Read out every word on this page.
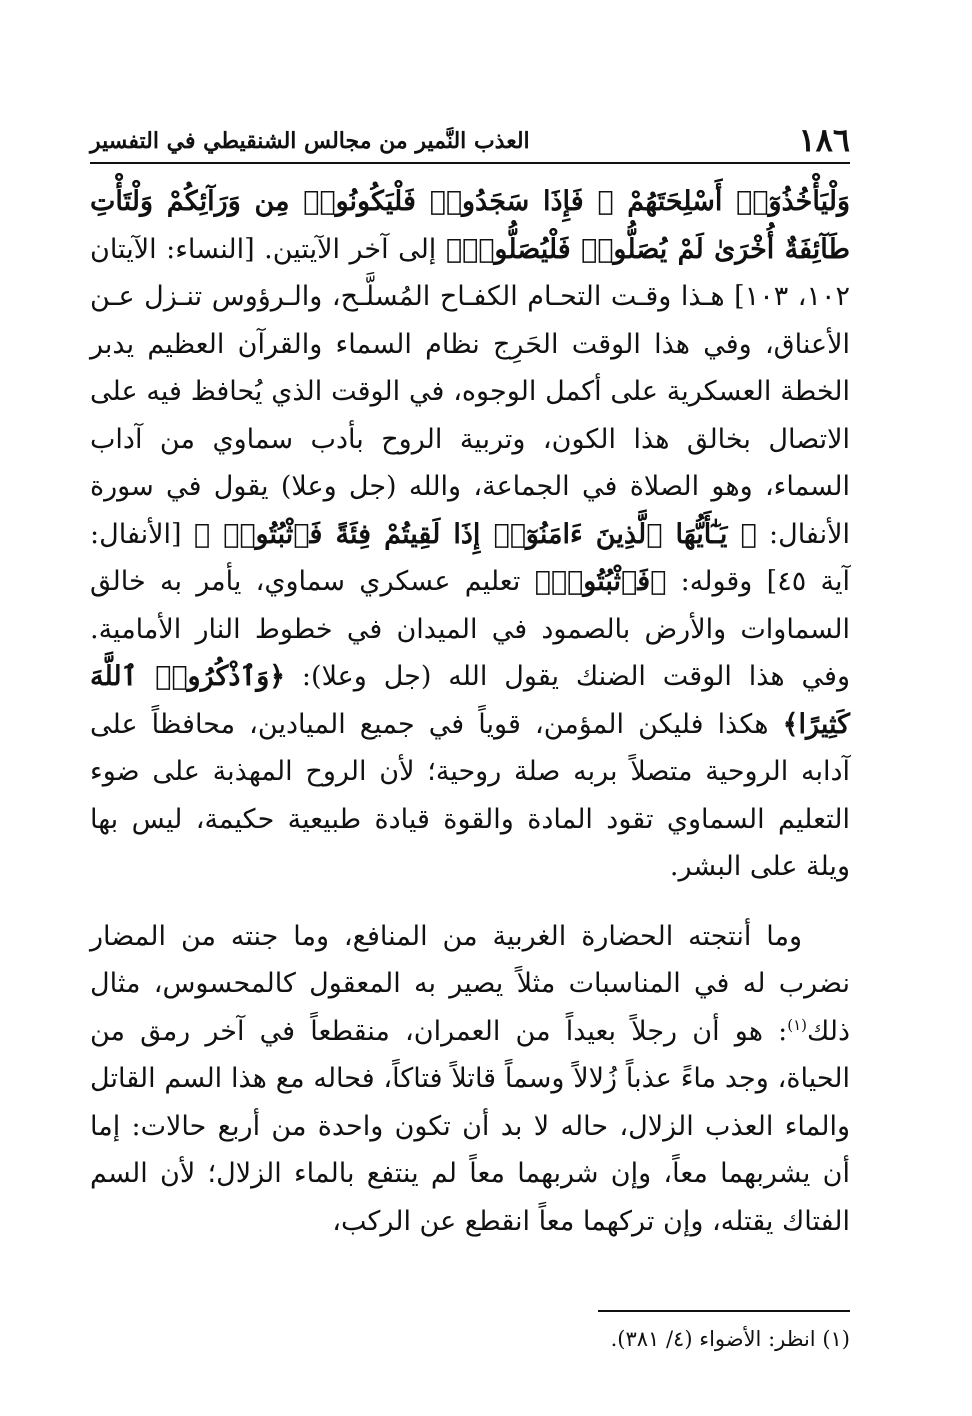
١٨٦
العذب النَّمير من مجالس الشنقيطي في التفسير

وَلْيَأْخُذُوٓا۟ أَسْلِحَتَهُمْ ۗ فَإِذَا سَجَدُوا۟ فَلْيَكُونُوا۟ مِن وَرَآئِكُمْ وَلْتَأْتِ طَآئِفَةٌ أُخْرَىٰ لَمْ يُصَلُّوا۟ فَلْيُصَلُّوا۟﴾ إلى آخر الآيتين. [النساء: الآيتان ١٠٢، ١٠٣] هـذا وقـت التحـام الكفـاح المُسلَّـح، والـرؤوس تنـزل عـن الأعناق، وفي هذا الوقت الحَرِج نظام السماء والقرآن العظيم يدبر الخطة العسكرية على أكمل الوجوه، في الوقت الذي يُحافظ فيه على الاتصال بخالق هذا الكون، وتربية الروح بأدب سماوي من آداب السماء، وهو الصلاة في الجماعة، والله (جل وعلا) يقول في سورة الأنفال: ﴿ يَـٰٓأَيُّهَا ٱلَّذِينَ ءَامَنُوٓا۟ إِذَا لَقِيتُمْ فِئَةً فَٱثْبُتُوا۟ ﴾ [الأنفال: آية ٤٥] وقوله: ﴿فَٱثْبُتُوا۟﴾ تعليم عسكري سماوي، يأمر به خالق السماوات والأرض بالصمود في الميدان في خطوط النار الأمامية. وفي هذا الوقت الضنك يقول الله (جل وعلا): ﴿وَٱذْكُرُوا۟ ٱللَّهَ كَثِيرًا﴾ هكذا فليكن المؤمن، قوياً في جميع الميادين، محافظاً على آدابه الروحية متصلاً بربه صلة روحية؛ لأن الروح المهذبة على ضوء التعليم السماوي تقود المادة والقوة قيادة طبيعية حكيمة، ليس بها ويلة على البشر.

وما أنتجته الحضارة الغربية من المنافع، وما جنته من المضار نضرب له في المناسبات مثلاً يصير به المعقول كالمحسوس، مثال ذلك$^{(١)}$: هو أن رجلاً بعيداً من العمران، منقطعاً في آخر رمق من الحياة، وجد ماءً عذباً زُلالاً وسماً قاتلاً فتاكاً، فحاله مع هذا السم القاتل والماء العذب الزلال، حاله لا بد أن تكون واحدة من أربع حالات: إما أن يشربهما معاً، وإن شربهما معاً لم ينتفع بالماء الزلال؛ لأن السم الفتاك يقتله، وإن تركهما معاً انقطع عن الركب،

(١) انظر: الأضواء (٤/ ٣٨١).
